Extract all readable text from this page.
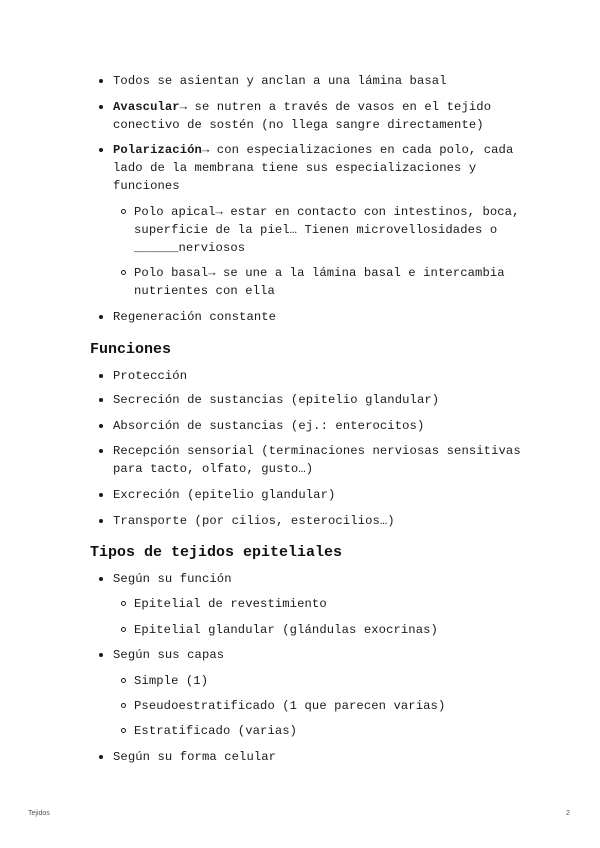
Todos se asientan y anclan a una lámina basal
Avascular→ se nutren a través de vasos en el tejido conectivo de sostén (no llega sangre directamente)
Polarización→ con especializaciones en cada polo, cada lado de la membrana tiene sus especializaciones y funciones
Polo apical→ estar en contacto con intestinos, boca, superficie de la piel… Tienen microvellosidades o ______nerviosos
Polo basal→ se une a la lámina basal e intercambia nutrientes con ella
Regeneración constante
Funciones
Protección
Secreción de sustancias (epitelio glandular)
Absorción de sustancias (ej.: enterocitos)
Recepción sensorial (terminaciones nerviosas sensitivas para tacto, olfato, gusto…)
Excreción (epitelio glandular)
Transporte (por cilios, esterocilios…)
Tipos de tejidos epiteliales
Según su función
Epitelial de revestimiento
Epitelial glandular (glándulas exocrinas)
Según sus capas
Simple (1)
Pseudoestratificado (1 que parecen varias)
Estratificado (varias)
Según su forma celular
Tejidos	2
